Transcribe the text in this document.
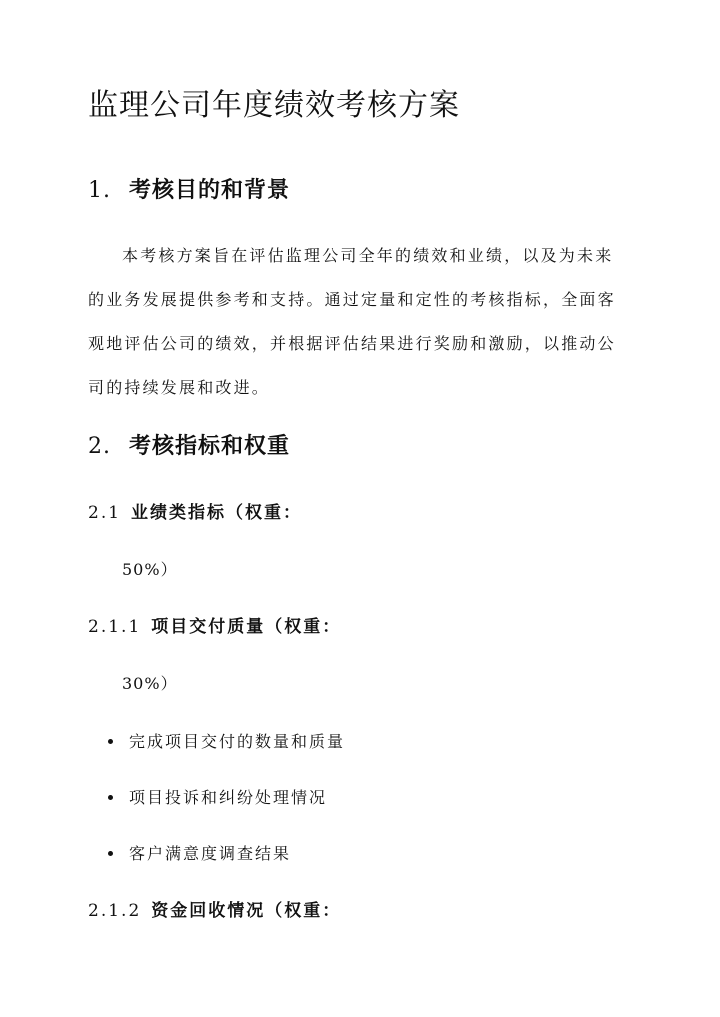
监理公司年度绩效考核方案
1. 考核目的和背景
本考核方案旨在评估监理公司全年的绩效和业绩，以及为未来
的业务发展提供参考和支持。通过定量和定性的考核指标，全面客
观地评估公司的绩效，并根据评估结果进行奖励和激励，以推动公
司的持续发展和改进。
2. 考核指标和权重
2.1 业绩类指标（权重：
50%）
2.1.1 项目交付质量（权重：
30%）
完成项目交付的数量和质量
项目投诉和纠纷处理情况
客户满意度调查结果
2.1.2 资金回收情况（权重：
